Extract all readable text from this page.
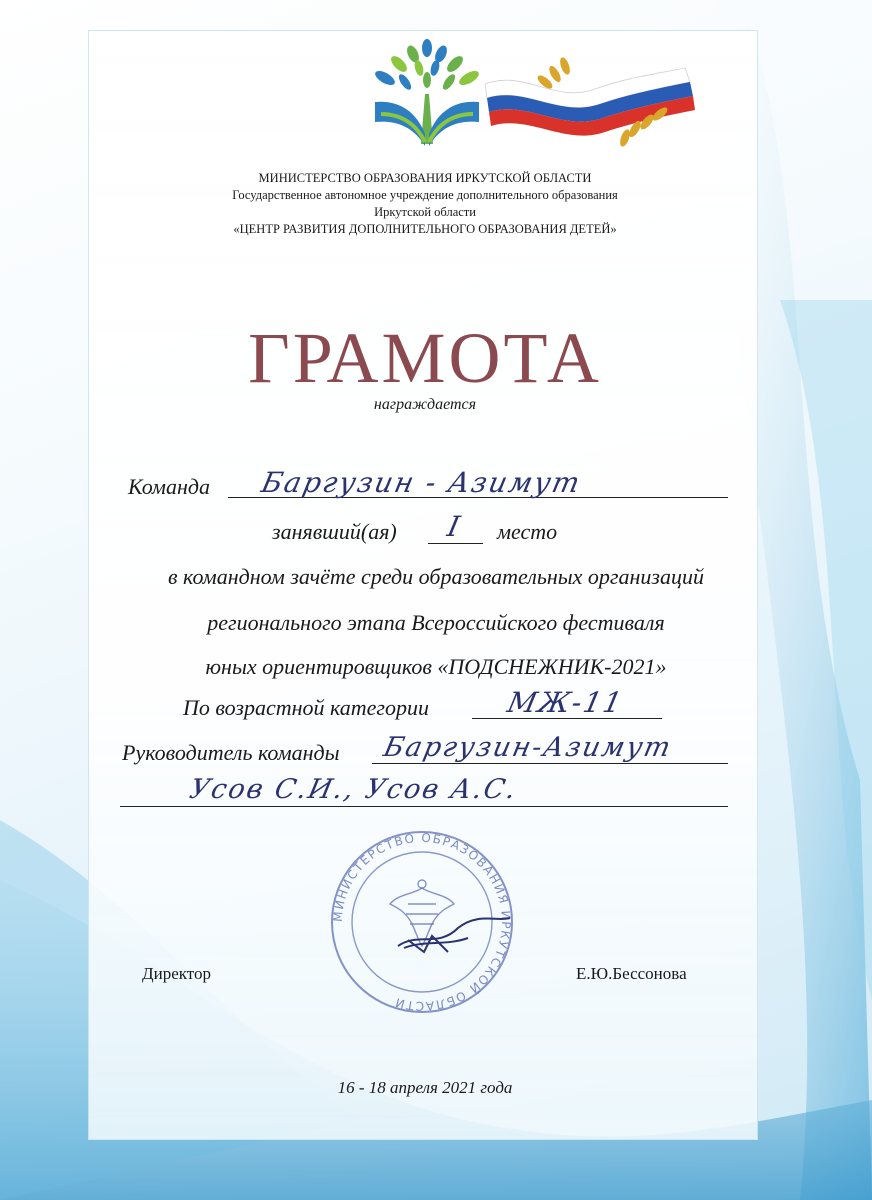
МИНИСТЕРСТВО ОБРАЗОВАНИЯ ИРКУТСКОЙ ОБЛАСТИ
Государственное автономное учреждение дополнительного образования
Иркутской области
«ЦЕНТР РАЗВИТИЯ ДОПОЛНИТЕЛЬНОГО ОБРАЗОВАНИЯ ДЕТЕЙ»
ГРАМОТА
награждается
Команда Баргузин - Азимут
занявший(ая) I место
в командном зачёте среди образовательных организаций
регионального этапа Всероссийского фестиваля
юных ориентировщиков «ПОДСНЕЖНИК-2021»
По возрастной категории	МЖ-11
Руководитель команды Баргузин-Азимут
Усов С.И., Усов А.С.
МИНИСТЕРСТВО ОБРАЗОВАНИЯ ИРКУТСКОЙ ОБЛАСТИ
Директор	Е.Ю.Бессонова
16 - 18 апреля 2021 года
